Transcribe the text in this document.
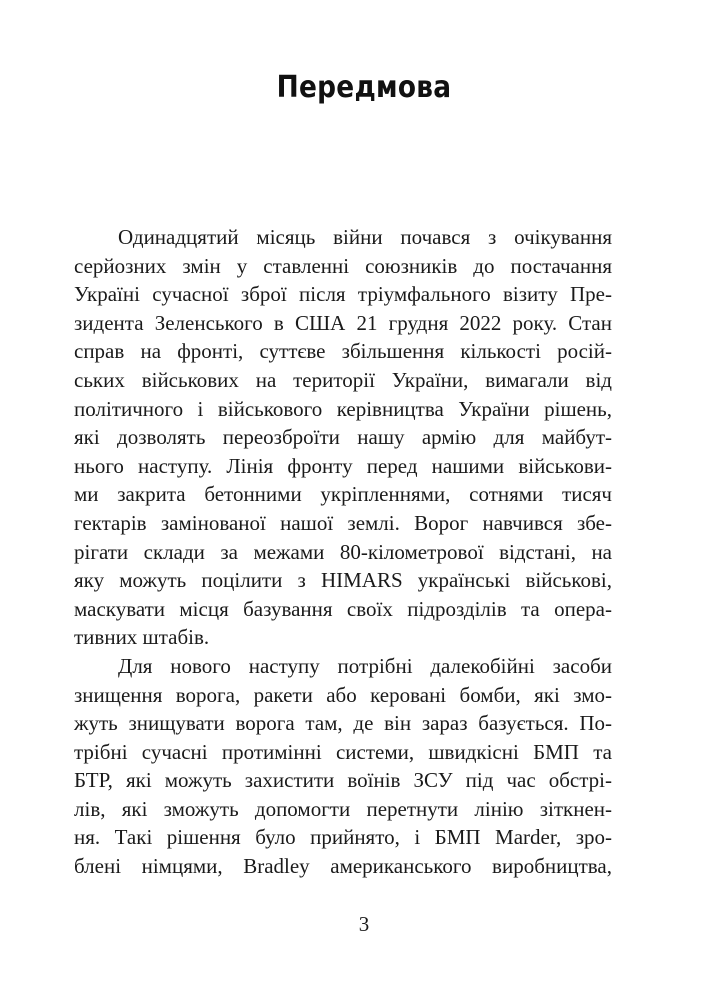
Передмова
Одинадцятий місяць війни почався з очікування
серйозних змін у ставленні союзників до постачання
Україні сучасної зброї після тріумфального візиту Пре-
зидента Зеленського в США 21 грудня 2022 року. Стан
справ на фронті, суттєве збільшення кількості росій-
ських військових на території України, вимагали від
політичного і військового керівництва України рішень,
які дозволять переозброїти нашу армію для майбут-
нього наступу. Лінія фронту перед нашими військови-
ми закрита бетонними укріпленнями, сотнями тисяч
гектарів замінованої нашої землі. Ворог навчився збе-
рігати склади за межами 80-кілометрової відстані, на
яку можуть поцілити з HIMARS українські військові,
маскувати місця базування своїх підрозділів та опера-
тивних штабів.
Для нового наступу потрібні далекобійні засоби
знищення ворога, ракети або керовані бомби, які змо-
жуть знищувати ворога там, де він зараз базується. По-
трібні сучасні протимінні системи, швидкісні БМП та
БТР, які можуть захистити воїнів ЗСУ під час обстрі-
лів, які зможуть допомогти перетнути лінію зіткнен-
ня. Такі рішення було прийнято, і БМП Marder, зро-
блені німцями, Bradley американського виробництва,
3
